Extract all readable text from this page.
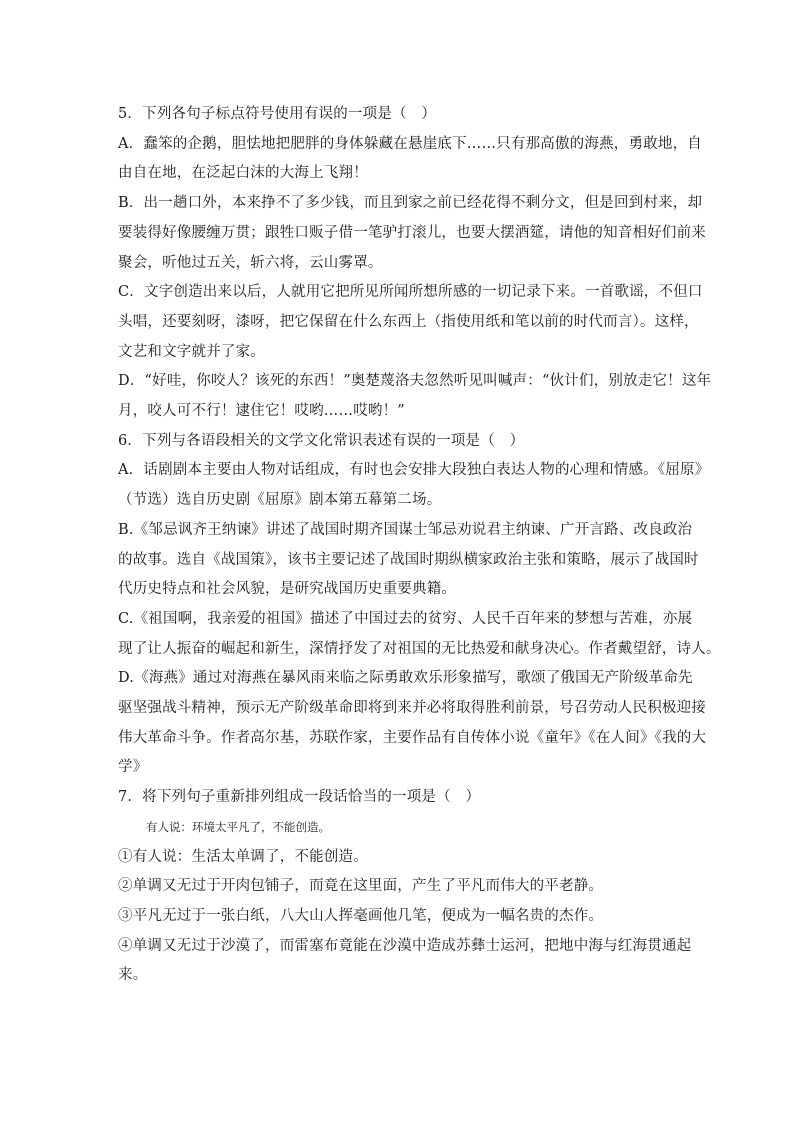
5．下列各句子标点符号使用有误的一项是（　）
A．蠢笨的企鹅，胆怯地把肥胖的身体躲藏在悬崖底下……只有那高傲的海燕，勇敢地，自
由自在地，在泛起白沫的大海上飞翔！
B．出一趟口外，本来挣不了多少钱，而且到家之前已经花得不剩分文，但是回到村来，却
要装得好像腰缠万贯；跟牲口贩子借一笔驴打滚儿，也要大摆酒筵，请他的知音相好们前来
聚会，听他过五关，斩六将，云山雾罩。
C．文字创造出来以后，人就用它把所见所闻所想所感的一切记录下来。一首歌谣，不但口
头唱，还要刻呀，漆呀，把它保留在什么东西上（指使用纸和笔以前的时代而言）。这样，
文艺和文字就并了家。
D．“好哇，你咬人？该死的东西！”奥楚蔑洛夫忽然听见叫喊声：“伙计们，别放走它！这年
月，咬人可不行！逮住它！哎哟……哎哟！”
6．下列与各语段相关的文学文化常识表述有误的一项是（　）
A．话剧剧本主要由人物对话组成，有时也会安排大段独白表达人物的心理和情感。《屈原》
（节选）选自历史剧《屈原》剧本第五幕第二场。
B.《邹忌讽齐王纳谏》讲述了战国时期齐国谋士邹忌劝说君主纳谏、广开言路、改良政治
的故事。选自《战国策》，该书主要记述了战国时期纵横家政治主张和策略，展示了战国时
代历史特点和社会风貌，是研究战国历史重要典籍。
C.《祖国啊，我亲爱的祖国》描述了中国过去的贫穷、人民千百年来的梦想与苦难，亦展
现了让人振奋的崛起和新生，深情抒发了对祖国的无比热爱和献身决心。作者戴望舒，诗人。
D.《海燕》通过对海燕在暴风雨来临之际勇敢欢乐形象描写，歌颂了俄国无产阶级革命先
驱坚强战斗精神，预示无产阶级革命即将到来并必将取得胜利前景，号召劳动人民积极迎接
伟大革命斗争。作者高尔基，苏联作家，主要作品有自传体小说《童年》《在人间》《我的大
学》
7．将下列句子重新排列组成一段话恰当的一项是（　）
有人说：环境太平凡了，不能创造。
①有人说：生活太单调了，不能创造。
②单调又无过于开肉包铺子，而竟在这里面，产生了平凡而伟大的平老静。
③平凡无过于一张白纸，八大山人挥毫画他几笔，便成为一幅名贵的杰作。
④单调又无过于沙漠了，而雷塞布竟能在沙漠中造成苏彝士运河，把地中海与红海贯通起
来。
